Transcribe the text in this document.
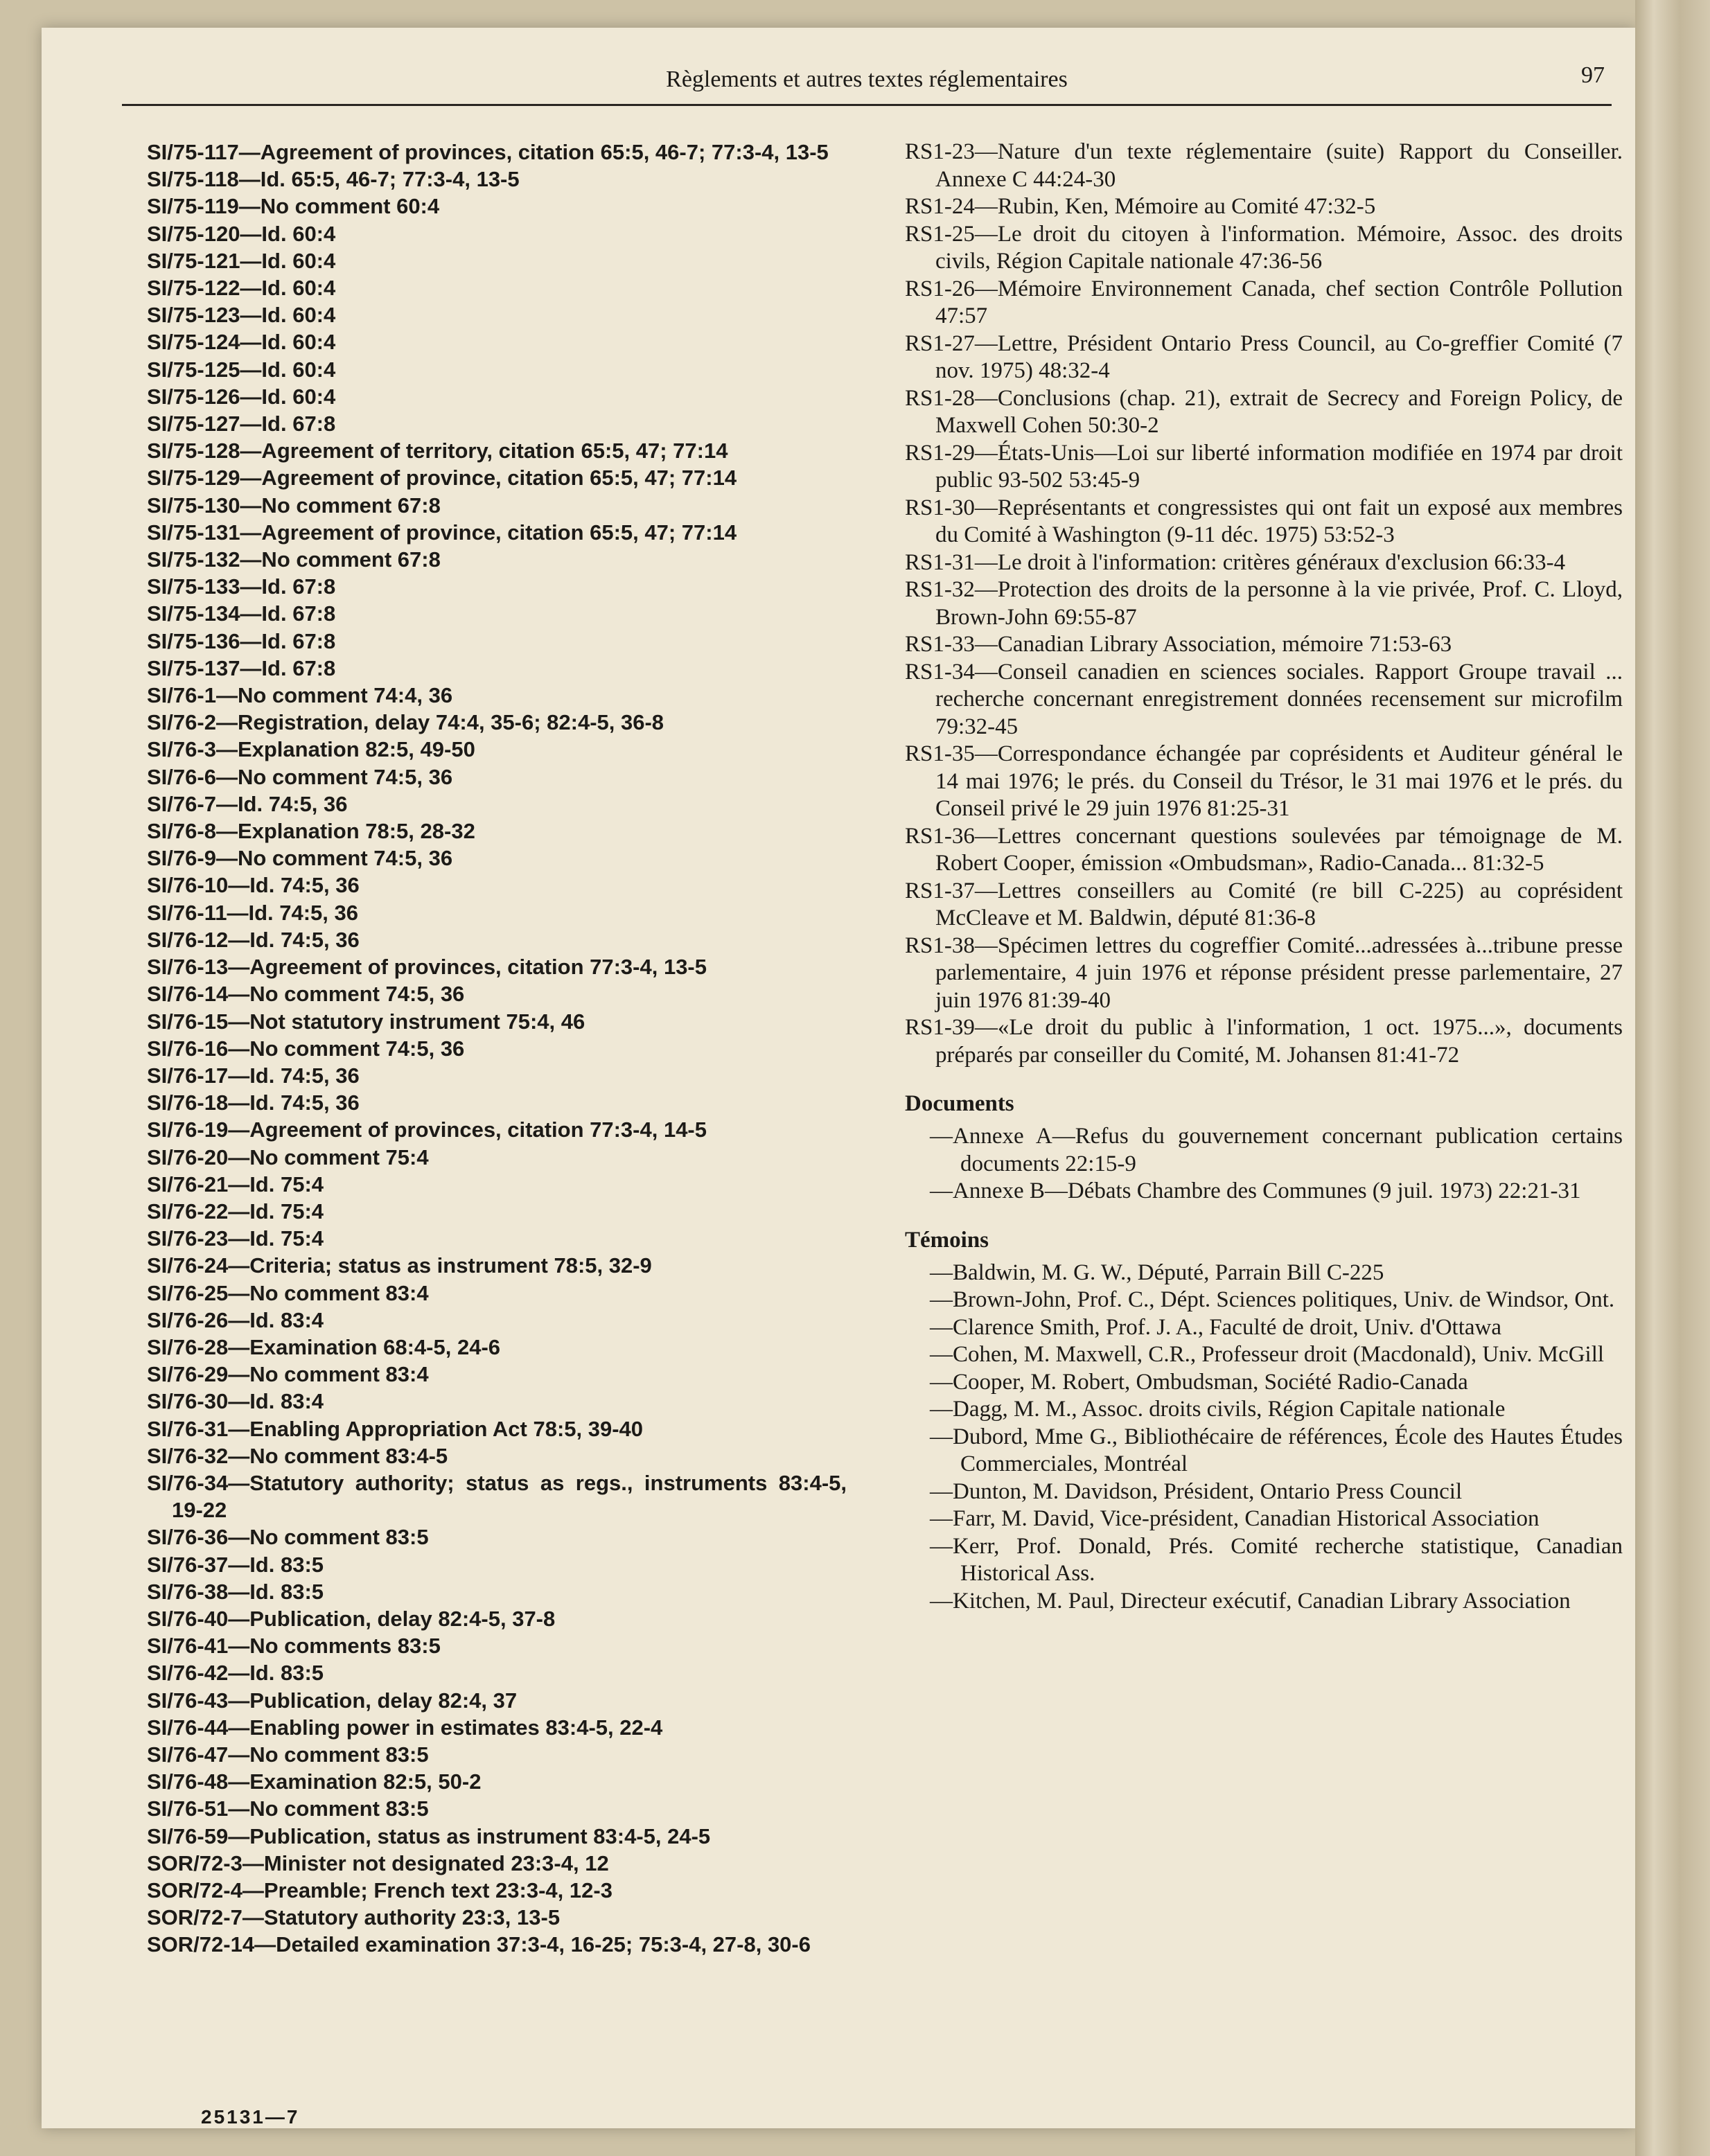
Règlements et autres textes réglementaires	97
SI/75-117—Agreement of provinces, citation 65:5, 46-7; 77:3-4, 13-5
SI/75-118—Id. 65:5, 46-7; 77:3-4, 13-5
SI/75-119—No comment 60:4
SI/75-120—Id. 60:4
SI/75-121—Id. 60:4
SI/75-122—Id. 60:4
SI/75-123—Id. 60:4
SI/75-124—Id. 60:4
SI/75-125—Id. 60:4
SI/75-126—Id. 60:4
SI/75-127—Id. 67:8
SI/75-128—Agreement of territory, citation 65:5, 47; 77:14
SI/75-129—Agreement of province, citation 65:5, 47; 77:14
SI/75-130—No comment 67:8
SI/75-131—Agreement of province, citation 65:5, 47; 77:14
SI/75-132—No comment 67:8
SI/75-133—Id. 67:8
SI/75-134—Id. 67:8
SI/75-136—Id. 67:8
SI/75-137—Id. 67:8
SI/76-1—No comment 74:4, 36
SI/76-2—Registration, delay 74:4, 35-6; 82:4-5, 36-8
SI/76-3—Explanation 82:5, 49-50
SI/76-6—No comment 74:5, 36
SI/76-7—Id. 74:5, 36
SI/76-8—Explanation 78:5, 28-32
SI/76-9—No comment 74:5, 36
SI/76-10—Id. 74:5, 36
SI/76-11—Id. 74:5, 36
SI/76-12—Id. 74:5, 36
SI/76-13—Agreement of provinces, citation 77:3-4, 13-5
SI/76-14—No comment 74:5, 36
SI/76-15—Not statutory instrument 75:4, 46
SI/76-16—No comment 74:5, 36
SI/76-17—Id. 74:5, 36
SI/76-18—Id. 74:5, 36
SI/76-19—Agreement of provinces, citation 77:3-4, 14-5
SI/76-20—No comment 75:4
SI/76-21—Id. 75:4
SI/76-22—Id. 75:4
SI/76-23—Id. 75:4
SI/76-24—Criteria; status as instrument 78:5, 32-9
SI/76-25—No comment 83:4
SI/76-26—Id. 83:4
SI/76-28—Examination 68:4-5, 24-6
SI/76-29—No comment 83:4
SI/76-30—Id. 83:4
SI/76-31—Enabling Appropriation Act 78:5, 39-40
SI/76-32—No comment 83:4-5
SI/76-34—Statutory authority; status as regs., instruments 83:4-5, 19-22
SI/76-36—No comment 83:5
SI/76-37—Id. 83:5
SI/76-38—Id. 83:5
SI/76-40—Publication, delay 82:4-5, 37-8
SI/76-41—No comments 83:5
SI/76-42—Id. 83:5
SI/76-43—Publication, delay 82:4, 37
SI/76-44—Enabling power in estimates 83:4-5, 22-4
SI/76-47—No comment 83:5
SI/76-48—Examination 82:5, 50-2
SI/76-51—No comment 83:5
SI/76-59—Publication, status as instrument 83:4-5, 24-5
SOR/72-3—Minister not designated 23:3-4, 12
SOR/72-4—Preamble; French text 23:3-4, 12-3
SOR/72-7—Statutory authority 23:3, 13-5
SOR/72-14—Detailed examination 37:3-4, 16-25; 75:3-4, 27-8, 30-6
RS1-23—Nature d'un texte réglementaire (suite) Rapport du Conseiller. Annexe C 44:24-30
RS1-24—Rubin, Ken, Mémoire au Comité 47:32-5
RS1-25—Le droit du citoyen à l'information. Mémoire, Assoc. des droits civils, Région Capitale nationale 47:36-56
RS1-26—Mémoire Environnement Canada, chef section Contrôle Pollution 47:57
RS1-27—Lettre, Président Ontario Press Council, au Co-greffier Comité (7 nov. 1975) 48:32-4
RS1-28—Conclusions (chap. 21), extrait de Secrecy and Foreign Policy, de Maxwell Cohen 50:30-2
RS1-29—États-Unis—Loi sur liberté information modifiée en 1974 par droit public 93-502 53:45-9
RS1-30—Représentants et congressistes qui ont fait un exposé aux membres du Comité à Washington (9-11 déc. 1975) 53:52-3
RS1-31—Le droit à l'information: critères généraux d'exclusion 66:33-4
RS1-32—Protection des droits de la personne à la vie privée, Prof. C. Lloyd, Brown-John 69:55-87
RS1-33—Canadian Library Association, mémoire 71:53-63
RS1-34—Conseil canadien en sciences sociales. Rapport Groupe travail ... recherche concernant enregistrement données recensement sur microfilm 79:32-45
RS1-35—Correspondance échangée par coprésidents et Auditeur général le 14 mai 1976; le prés. du Conseil du Trésor, le 31 mai 1976 et le prés. du Conseil privé le 29 juin 1976 81:25-31
RS1-36—Lettres concernant questions soulevées par témoignage de M. Robert Cooper, émission «Ombudsman», Radio-Canada... 81:32-5
RS1-37—Lettres conseillers au Comité (re bill C-225) au coprésident McCleave et M. Baldwin, député 81:36-8
RS1-38—Spécimen lettres du cogreffier Comité...adressées à...tribune presse parlementaire, 4 juin 1976 et réponse président presse parlementaire, 27 juin 1976 81:39-40
RS1-39—«Le droit du public à l'information, 1 oct. 1975...», documents préparés par conseiller du Comité, M. Johansen 81:41-72
Documents
—Annexe A—Refus du gouvernement concernant publication certains documents 22:15-9
—Annexe B—Débats Chambre des Communes (9 juil. 1973) 22:21-31
Témoins
—Baldwin, M. G. W., Député, Parrain Bill C-225
—Brown-John, Prof. C., Dépt. Sciences politiques, Univ. de Windsor, Ont.
—Clarence Smith, Prof. J. A., Faculté de droit, Univ. d'Ottawa
—Cohen, M. Maxwell, C.R., Professeur droit (Macdonald), Univ. McGill
—Cooper, M. Robert, Ombudsman, Société Radio-Canada
—Dagg, M. M., Assoc. droits civils, Région Capitale nationale
—Dubord, Mme G., Bibliothécaire de références, École des Hautes Études Commerciales, Montréal
—Dunton, M. Davidson, Président, Ontario Press Council
—Farr, M. David, Vice-président, Canadian Historical Association
—Kerr, Prof. Donald, Prés. Comité recherche statistique, Canadian Historical Ass.
—Kitchen, M. Paul, Directeur exécutif, Canadian Library Association
25131—7
